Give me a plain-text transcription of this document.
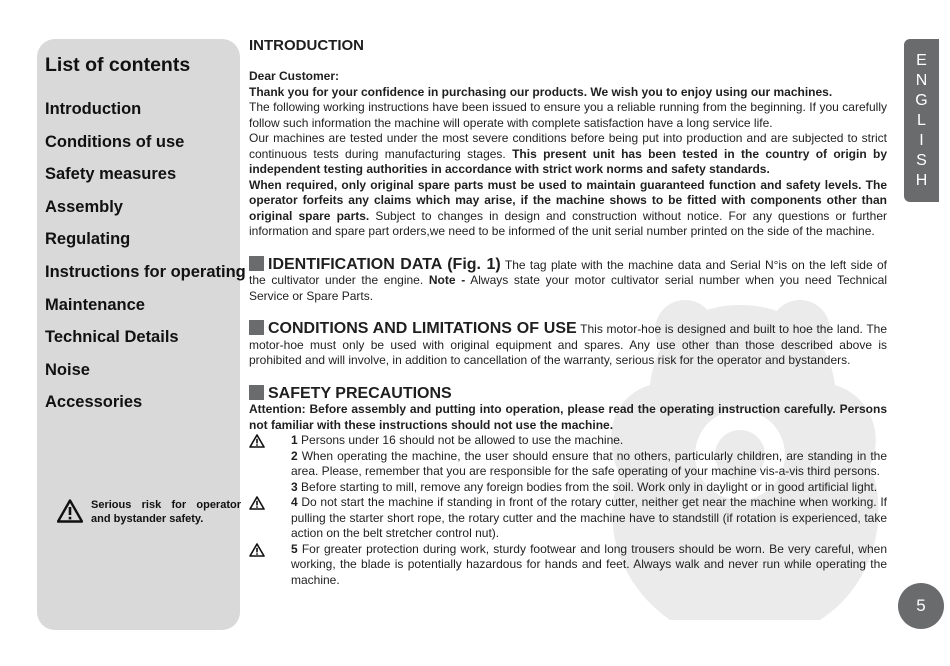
List of contents
Introduction
Conditions of use
Safety measures
Assembly
Regulating
Instructions for operating
Maintenance
Technical Details
Noise
Accessories
Serious risk for operator and bystander safety.
E
N
G
L
I
S
H
5
INTRODUCTION

Dear Customer:

Thank you for your confidence in purchasing our products. We wish you to enjoy using our machines.

The following working instructions have been issued to ensure you a reliable running from the beginning. If you carefully follow such information the machine will operate with complete satisfaction have a long service life.

Our machines are tested under the most severe conditions before being put into production and are subjected to strict continuous tests during manufacturing stages. This present unit has been tested in the country of origin by independent testing authorities in accordance with strict work norms and safety standards.

When required, only original spare parts must be used to maintain guaranteed function and safety levels. The operator forfeits any claims which may arise, if the machine shows to be fitted with components other than original spare parts. Subject to changes in design and construction without notice. For any questions or further information and spare part orders,we need to be informed of the unit serial number printed on the side of the machine.

IDENTIFICATION DATA (Fig. 1) The tag plate with the machine data and Serial N°is on the left side of the cultivator under the engine. Note - Always state your motor cultivator serial number when you need Technical Service or Spare Parts.
CONDITIONS AND LIMITATIONS OF USE This motor-hoe is designed and built to hoe the land. The motor-hoe must only be used with original equipment and spares. Any use other than those described above is prohibited and will involve, in addition to cancellation of the warranty, serious risk for the operator and bystanders.
SAFETY PRECAUTIONS

Attention: Before assembly and putting into operation, please read the operating instruction carefully. Persons not familiar with these instructions should not use the machine.

1 Persons under 16 should not be allowed to use the machine.
2 When operating the machine, the user should ensure that no others, particularly children, are standing in the area. Please, remember that you are responsible for the safe operating of your machine vis-a-vis third persons.
3 Before starting to mill, remove any foreign bodies from the soil. Work only in daylight or in good artificial light.
4 Do not start the machine if standing in front of the rotary cutter, neither get near the machine when working. If pulling the starter short rope, the rotary cutter and the machine have to standstill (if rotation is experienced, take action on the belt stretcher control nut).
5 For greater protection during work, sturdy footwear and long trousers should be worn. Be very careful, when working, the blade is potentially hazardous for hands and feet. Always walk and never run while operating the machine.
